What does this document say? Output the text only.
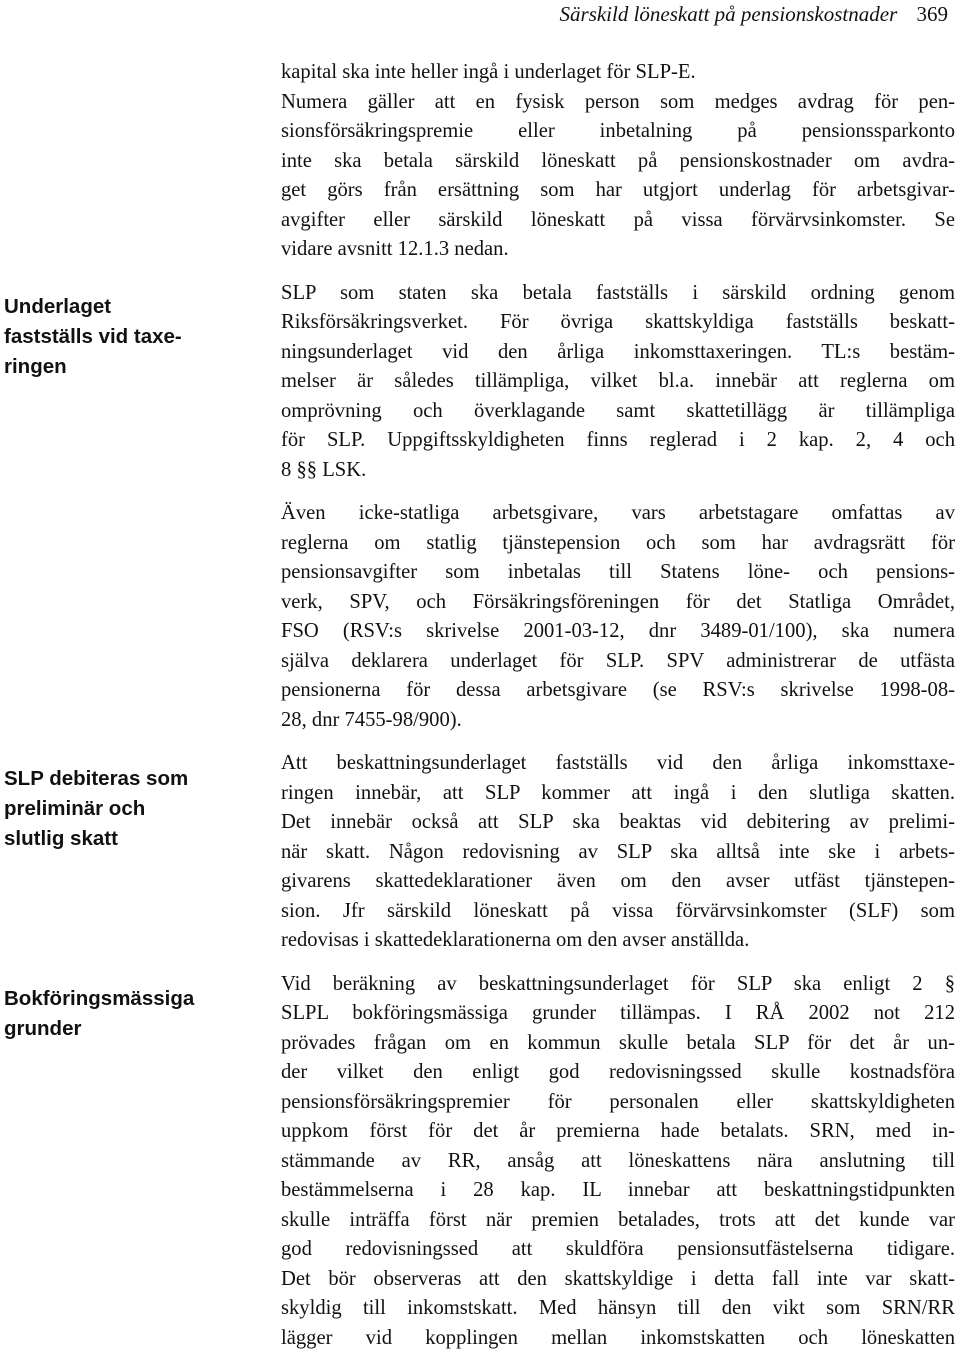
Särskild löneskatt på pensionskostnader 369
Underlaget
fastställs vid taxe-
ringen
SLP debiteras som
preliminär och
slutlig skatt
Bokföringsmässiga
grunder

kapital ska inte heller ingå i underlaget för SLP-E.

Numera gäller att en fysisk person som medges avdrag för pen-
sionsförsäkringspremie eller inbetalning på pensionssparkonto
inte ska betala särskild löneskatt på pensionskostnader om avdra-
get görs från ersättning som har utgjort underlag för arbetsgivar-
avgifter eller särskild löneskatt på vissa förvärvsinkomster. Se
vidare avsnitt 12.1.3 nedan.

SLP som staten ska betala fastställs i särskild ordning genom
Riksförsäkringsverket. För övriga skattskyldiga fastställs beskatt-
ningsunderlaget vid den årliga inkomsttaxeringen. TL:s bestäm-
melser är således tillämpliga, vilket bl.a. innebär att reglerna om
omprövning och överklagande samt skattetillägg är tillämpliga
för SLP. Uppgiftsskyldigheten finns reglerad i 2 kap. 2, 4 och
8 §§ LSK.

Även icke-statliga arbetsgivare, vars arbetstagare omfattas av
reglerna om statlig tjänstepension och som har avdragsrätt för
pensionsavgifter som inbetalas till Statens löne- och pensions-
verk, SPV, och Försäkringsföreningen för det Statliga Området,
FSO (RSV:s skrivelse 2001-03-12, dnr 3489-01/100), ska numera
själva deklarera underlaget för SLP. SPV administrerar de utfästa
pensionerna för dessa arbetsgivare (se RSV:s skrivelse 1998-08-
28, dnr 7455-98/900).

Att beskattningsunderlaget fastställs vid den årliga inkomsttaxe-
ringen innebär, att SLP kommer att ingå i den slutliga skatten.
Det innebär också att SLP ska beaktas vid debitering av prelimi-
när skatt. Någon redovisning av SLP ska alltså inte ske i arbets-
givarens skattedeklarationer även om den avser utfäst tjänstepen-
sion. Jfr särskild löneskatt på vissa förvärvsinkomster (SLF) som
redovisas i skattedeklarationerna om den avser anställda.

Vid beräkning av beskattningsunderlaget för SLP ska enligt 2 §
SLPL bokföringsmässiga grunder tillämpas. I RÅ 2002 not 212
prövades frågan om en kommun skulle betala SLP för det år un-
der vilket den enligt god redovisningssed skulle kostnadsföra
pensionsförsäkringspremier för personalen eller skattskyldigheten
uppkom först för det år premierna hade betalats. SRN, med in-
stämmande av RR, ansåg att löneskattens nära anslutning till
bestämmelserna i 28 kap. IL innebar att beskattningstidpunkten
skulle inträffa först när premien betalades, trots att det kunde var
god redovisningssed att skuldföra pensionsutfästelserna tidigare.
Det bör observeras att den skattskyldige i detta fall inte var skatt-
skyldig till inkomstskatt. Med hänsyn till den vikt som SRN/RR
lägger vid kopplingen mellan inkomstskatten och löneskatten
